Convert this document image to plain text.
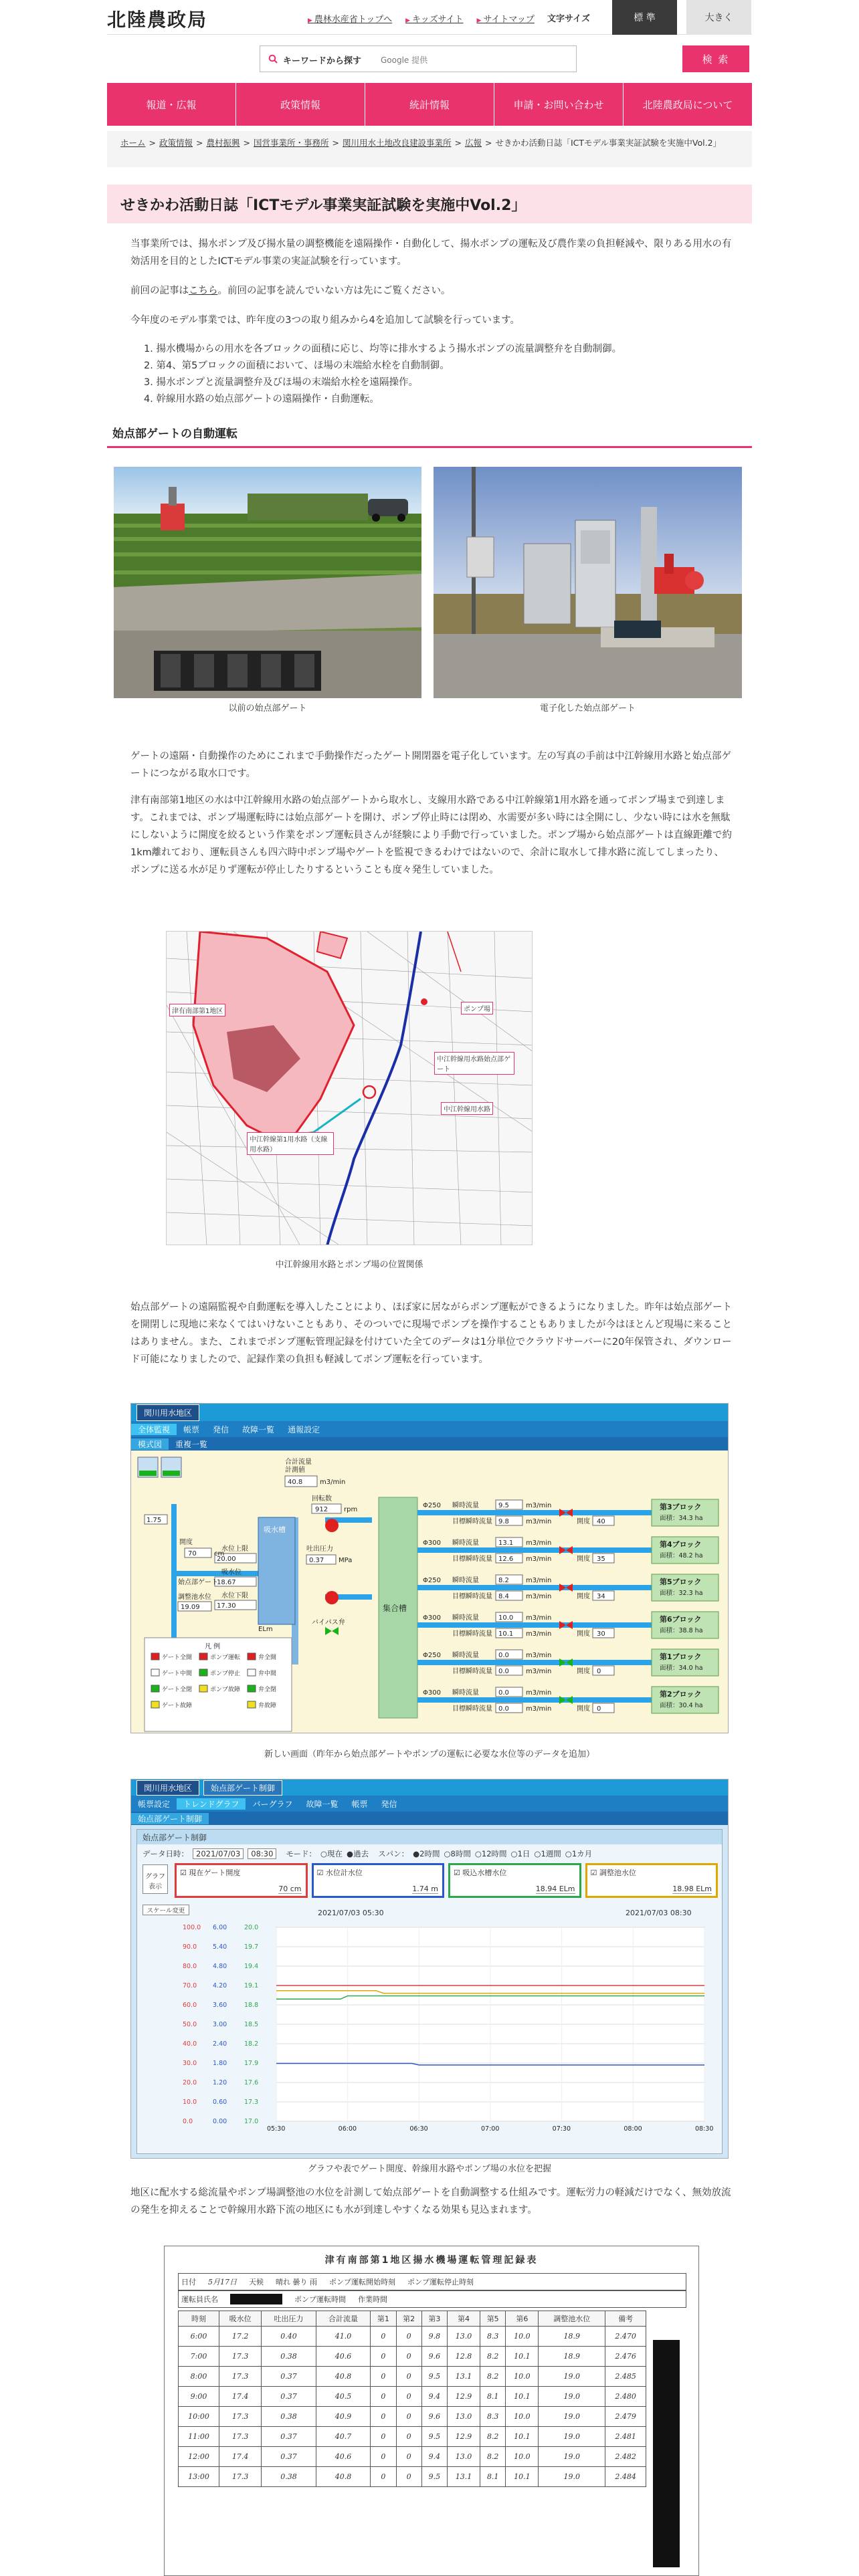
北陸農政局	▶ 農林水産省トップへ	▶ キッズサイト	▶ サイトマップ 文字サイズ	標 準	大きく
キーワードから探す Google 提供	検 索
報道・広報	政策情報	統計情報	申請・お問い合わせ	北陸農政局について
ホーム > 政策情報 > 農村振興 > 国営事業所・事務所 > 関川用水土地改良建設事業所 > 広報 > せきかわ活動日誌「ICTモデル事業実証試験を実施中Vol.2」
せきかわ活動日誌「ICTモデル事業実証試験を実施中Vol.2」

当事業所では、揚水ポンプ及び揚水量の調整機能を遠隔操作・自動化して、揚水ポンプの運転及び農作業の負担軽減や、限りある用水の有効活用を目的としたICTモデル事業の実証試験を行っています。

前回の記事はこちら。前回の記事を読んでいない方は先にご覧ください。

今年度のモデル事業では、昨年度の3つの取り組みから4を追加して試験を行っています。

1. 揚水機場からの用水を各ブロックの面積に応じ、均等に排水するよう揚水ポンプの流量調整弁を自動制御。
2. 第4、第5ブロックの面積において、ほ場の末端給水栓を自動制御。
3. 揚水ポンプと流量調整弁及びほ場の末端給水栓を遠隔操作。
4. 幹線用水路の始点部ゲートの遠隔操作・自動運転。
始点部ゲートの自動運転
以前の始点部ゲート	電子化した始点部ゲート

ゲートの遠隔・自動操作のためにこれまで手動操作だったゲート開閉器を電子化しています。左の写真の手前は中江幹線用水路と始点部ゲートにつながる取水口です。

津有南部第1地区の水は中江幹線用水路の始点部ゲートから取水し、支線用水路である中江幹線第1用水路を通ってポンプ場まで到達します。これまでは、ポンプ場運転時には始点部ゲートを開け、ポンプ停止時には閉め、水需要が多い時には全開にし、少ない時には水を無駄にしないように開度を絞るという作業をポンプ運転員さんが経験により手動で行っていました。ポンプ場から始点部ゲートは直線距離で約1km離れており、運転員さんも四六時中ポンプ場やゲートを監視できるわけではないので、余計に取水して排水路に流してしまったり、ポンプに送る水が足りず運転が停止したりするということも度々発生していました。

津有南部第1地区	ポンプ場
中江幹線用水路始点部ゲート
中江幹線用水路
中江幹線第1用水路（支線用水路）
中江幹線用水路とポンプ場の位置関係

始点部ゲートの遠隔監視や自動運転を導入したことにより、ほぼ家に居ながらポンプ運転ができるようになりました。昨年は始点部ゲートを開閉しに現地に来なくてはいけないこともあり、そのついでに現場でポンプを操作することもありましたが今はほとんど現場に来ることはありません。また、これまでポンプ運転管理記録を付けていた全てのデータは1分単位でクラウドサーバーに20年保管され、ダウンロード可能になりましたので、記録作業の負担も軽減してポンプ運転を行っています。

関川用水地区
全体監視	帳票	発信	故障一覧	通報設定
模式図	重複一覧
集合槽
吸水槽
水位上限
20.00
吸水位
18.67
水位下限
17.30
ELm
合計流量
計測値
40.8	m3/min
回転数
912 rpm
吐出圧力
0.37 MPa
バイパス弁
1.75
開度
70	cm
始点部ゲート
調整池水位
19.09
凡 例
ゲート全開
ゲート中間
ゲート全閉
ゲート故障
ポンプ運転
ポンプ停止
ポンプ故障
弁全開
弁中間
弁全閉
弁故障
Φ250 瞬時流量	9.5	m3/min
目標瞬時流量 9.8	m3/min	開度 40
第3ブロック
面積：34.3 ha
Φ300 瞬時流量	13.1 m3/min
目標瞬時流量 12.6 m3/min	開度 35
第4ブロック
面積：48.2 ha
Φ250 瞬時流量	8.2	m3/min
目標瞬時流量 8.4	m3/min	開度 34
第5ブロック
面積：32.3 ha
Φ300 瞬時流量	10.0 m3/min
目標瞬時流量 10.1 m3/min	開度 30
第6ブロック
面積：38.8 ha
Φ250 瞬時流量	0.0	m3/min
目標瞬時流量 0.0	m3/min	開度 0
第1ブロック
面積：34.0 ha
Φ300 瞬時流量	0.0	m3/min
目標瞬時流量 0.0	m3/min	開度 0
第2ブロック
面積：30.4 ha
新しい画面（昨年から始点部ゲートやポンプの運転に必要な水位等のデータを追加）
関川用水地区	始点部ゲート制御
帳票設定	トレンドグラフ	バーグラフ	故障一覧	帳票	発信
始点部ゲート制御
始点部ゲート制御
データ日時： 2021/07/03	08:30	モード： ○現在 ●過去 スパン： ●2時間 ○8時間 ○12時間 ○1日 ○1週間 ○1カ月
グラフ表示
☑ 現在ゲート開度
70 cm
☑ 水位計水位
1.74 m
☑ 吸込水槽水位
18.94 ELm
☑ 調整池水位
18.98 ELm
スケール変更	2021/07/03 05:30	2021/07/03 08:30
100.0 6.00	20.0
90.0	5.40	19.7
80.0	4.80	19.4
70.0	4.20	19.1
60.0	3.60	18.8
50.0	3.00	18.5
40.0	2.40	18.2
30.0	1.80	17.9
20.0	1.20	17.6
10.0	0.60	17.3
0.0	0.00	17.0
05:30	06:00	06:30	07:00	07:30	08:00	08:30
グラフや表でゲート開度、幹線用水路やポンプ場の水位を把握

地区に配水する総流量やポンプ場調整池の水位を計測して始点部ゲートを自動調整する仕組みです。運転労力の軽減だけでなく、無効放流の発生を抑えることで幹線用水路下流の地区にも水が到達しやすくなる効果も見込まれます。

津有南部第1地区揚水機場運転管理記録表
日付 5月17日 天候 晴れ 曇り 雨 ポンプ運転開始時刻 ポンプ運転停止時刻
運転員氏名	運転員の氏名	ポンプ運転時間 作業時間
時刻	吸水位	吐出圧力	合計流量	第1	第2	第3	第4	第5	第6	調整池水位	備考
6:00	17.2	0.40	41.0	0	0	9.8	13.0	8.3	10.0	18.9	2.470
7:00	17.3	0.38	40.6	0	0	9.6	12.8	8.2	10.1	18.9	2.476
8:00	17.3	0.37	40.8	0	0	9.5	13.1	8.2	10.0	19.0	2.485
9:00	17.4	0.37	40.5	0	0	9.4	12.9	8.1	10.1	19.0	2.480
10:00	17.3	0.38	40.9	0	0	9.6	13.0	8.3	10.0	19.0	2.479
11:00	17.3	0.37	40.7	0	0	9.5	12.9	8.2	10.1	19.0	2.481
12:00	17.4	0.37	40.6	0	0	9.4	13.0	8.2	10.0	19.0	2.482
13:00	17.3	0.38	40.8	0	0	9.5	13.1	8.1	10.1	19.0	2.484
